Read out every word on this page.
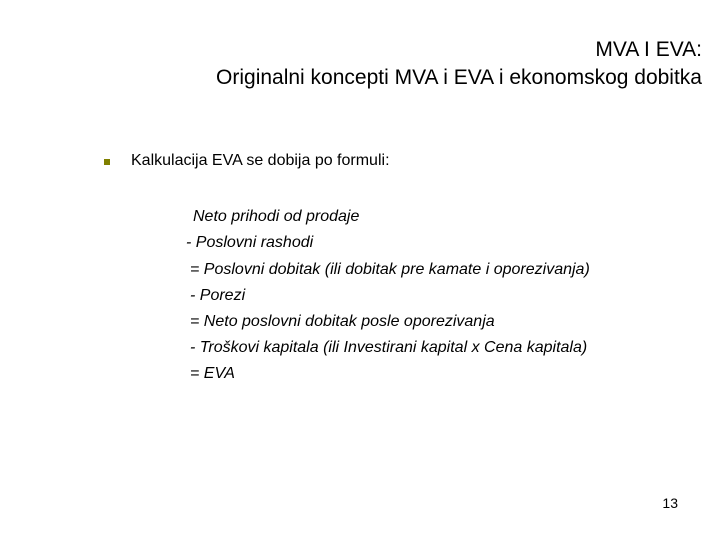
MVA I EVA:
Originalni koncepti MVA i EVA i ekonomskog dobitka
Kalkulacija EVA se dobija po formuli:
Neto prihodi od prodaje
- Poslovni rashodi
= Poslovni dobitak (ili dobitak pre kamate i oporezivanja)
- Porezi
= Neto poslovni dobitak posle oporezivanja
- Troškovi kapitala (ili Investirani kapital x Cena kapitala)
= EVA
13
